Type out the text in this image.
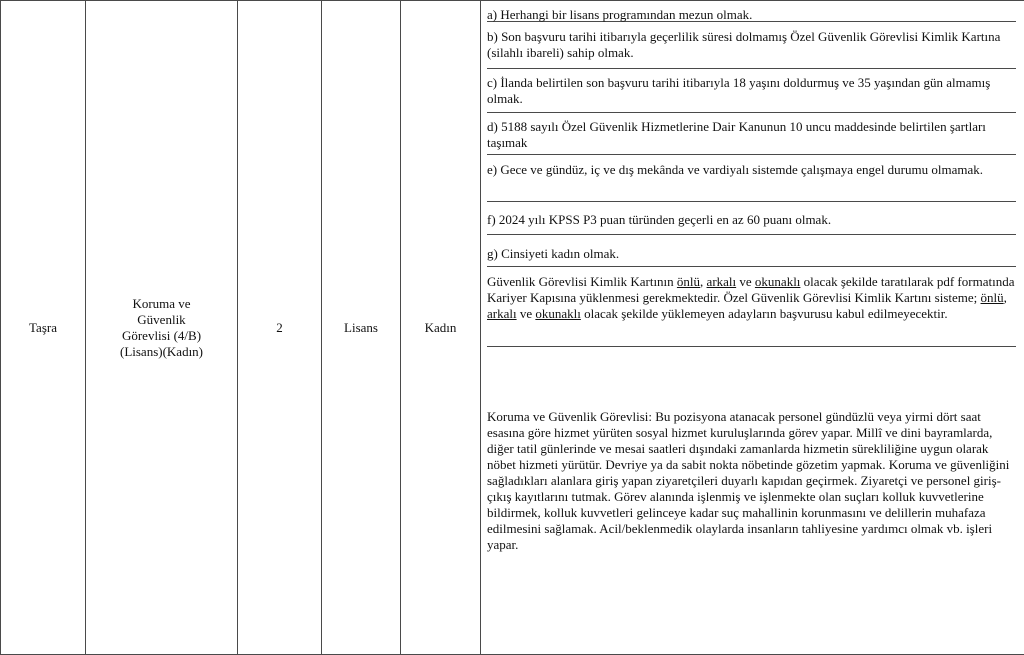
Taşra	Koruma ve Güvenlik Görevlisi (4/B) (Lisans)(Kadın)	2	Lisans	Kadın	
a) Herhangi bir lisans programından mezun olmak.
b) Son başvuru tarihi itibarıyla geçerlilik süresi dolmamış Özel Güvenlik Görevlisi Kimlik Kartına (silahlı ibareli) sahip olmak.
c) İlanda belirtilen son başvuru tarihi itibarıyla 18 yaşını doldurmuş ve 35 yaşından gün almamış olmak.
d) 5188 sayılı Özel Güvenlik Hizmetlerine Dair Kanunun 10 uncu maddesinde belirtilen şartları taşımak
e) Gece ve gündüz, iç ve dış mekânda ve vardiyalı sistemde çalışmaya engel durumu olmamak.
f) 2024 yılı KPSS P3 puan türünden geçerli en az 60 puanı olmak.
g) Cinsiyeti kadın olmak.
Güvenlik Görevlisi Kimlik Kartının önlü, arkalı ve okunaklı olacak şekilde taratılarak pdf formatında Kariyer Kapısına yüklenmesi gerekmektedir. Özel Güvenlik Görevlisi Kimlik Kartını sisteme; önlü, arkalı ve okunaklı olacak şekilde yüklemeyen adayların başvurusu kabul edilmeyecektir.
Koruma ve Güvenlik Görevlisi: Bu pozisyona atanacak personel gündüzlü veya yirmi dört saat esasına göre hizmet yürüten sosyal hizmet kuruluşlarında görev yapar. Millî ve dini bayramlarda, diğer tatil günlerinde ve mesai saatleri dışındaki zamanlarda hizmetin sürekliliğine uygun olarak nöbet hizmeti yürütür. Devriye ya da sabit nokta nöbetinde gözetim yapmak. Koruma ve güvenliğini sağladıkları alanlara giriş yapan ziyaretçileri duyarlı kapıdan geçirmek. Ziyaretçi ve personel giriş-çıkış kayıtlarını tutmak. Görev alanında işlenmiş ve işlenmekte olan suçları kolluk kuvvetlerine bildirmek, kolluk kuvvetleri gelinceye kadar suç mahallinin korunmasını ve delillerin muhafaza edilmesini sağlamak. Acil/beklenmedik olaylarda insanların tahliyesine yardımcı olmak vb. işleri yapar.
